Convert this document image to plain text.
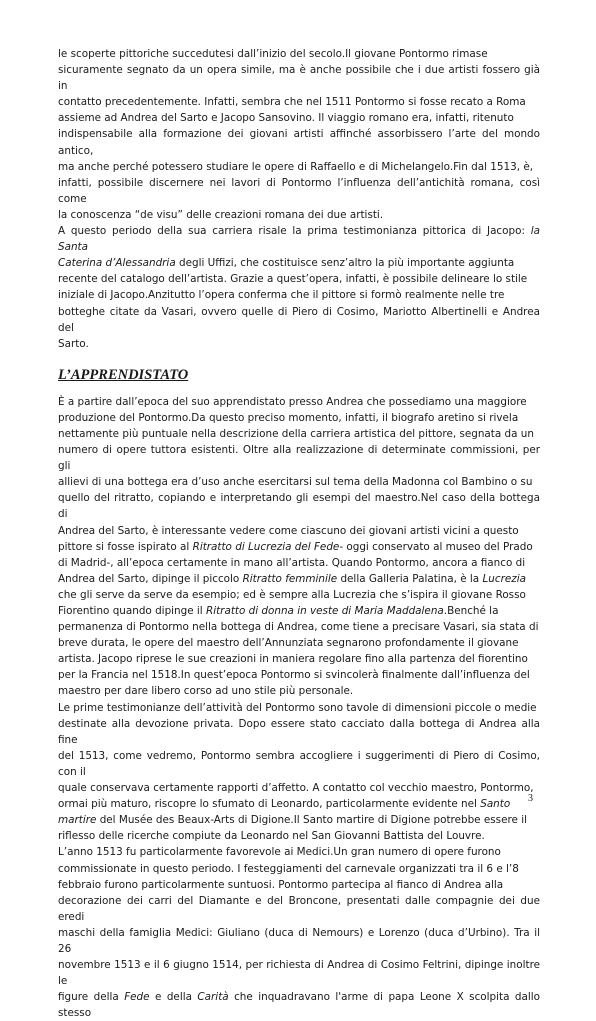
le scoperte pittoriche succedutesi dall’inizio del secolo.Il giovane Pontormo rimase
sicuramente segnato da un opera simile, ma è anche possibile che i due artisti fossero già in
contatto precedentemente. Infatti, sembra che nel 1511 Pontormo si fosse recato a Roma
assieme ad Andrea del Sarto e Jacopo Sansovino. Il viaggio romano era, infatti, ritenuto
indispensabile alla formazione dei giovani artisti affinché assorbissero l’arte del mondo antico,
ma anche perché potessero studiare le opere di Raffaello e di Michelangelo.Fin dal 1513, è,
infatti, possibile discernere nei lavori di Pontormo l’influenza dell’antichità romana, così come
la conoscenza “de visu” delle creazioni romana dei due artisti.

A questo periodo della sua carriera risale la prima testimonianza pittorica di Jacopo: la Santa
Caterina d’Alessandria degli Uffizi, che costituisce senz’altro la più importante aggiunta
recente del catalogo dell’artista. Grazie a quest’opera, infatti, è possibile delineare lo stile
iniziale di Jacopo.Anzitutto l’opera conferma che il pittore si formò realmente nelle tre
botteghe citate da Vasari, ovvero quelle di Piero di Cosimo, Mariotto Albertinelli e Andrea del
Sarto.

L’APPRENDISTATO

È a partire dall’epoca del suo apprendistato presso Andrea che possediamo una maggiore
produzione del Pontormo.Da questo preciso momento, infatti, il biografo aretino si rivela
nettamente più puntuale nella descrizione della carriera artistica del pittore, segnata da un
numero di opere tuttora esistenti. Oltre alla realizzazione di determinate commissioni, per gli
allievi di una bottega era d’uso anche esercitarsi sul tema della Madonna col Bambino o su
quello del ritratto, copiando e interpretando gli esempi del maestro.Nel caso della bottega di
Andrea del Sarto, è interessante vedere come ciascuno dei giovani artisti vicini a questo
pittore si fosse ispirato al Ritratto di Lucrezia del Fede- oggi conservato al museo del Prado
di Madrid-, all’epoca certamente in mano all’artista. Quando Pontormo, ancora a fianco di
Andrea del Sarto, dipinge il piccolo Ritratto femminile della Galleria Palatina, è la Lucrezia
che gli serve da serve da esempio; ed è sempre alla Lucrezia che s’ispira il giovane Rosso
Fiorentino quando dipinge il Ritratto di donna in veste di Maria Maddalena.Benché la
permanenza di Pontormo nella bottega di Andrea, come tiene a precisare Vasari, sia stata di
breve durata, le opere del maestro dell’Annunziata segnarono profondamente il giovane
artista. Jacopo riprese le sue creazioni in maniera regolare fino alla partenza del fiorentino
per la Francia nel 1518.In quest’epoca Pontormo si svincolerà finalmente dall’influenza del
maestro per dare libero corso ad uno stile più personale.

Le prime testimonianze dell’attività del Pontormo sono tavole di dimensioni piccole o medie
destinate alla devozione privata. Dopo essere stato cacciato dalla bottega di Andrea alla fine
del 1513, come vedremo, Pontormo sembra accogliere i suggerimenti di Piero di Cosimo, con il
quale conservava certamente rapporti d’affetto. A contatto col vecchio maestro, Pontormo,
ormai più maturo, riscopre lo sfumato di Leonardo, particolarmente evidente nel Santo
martire del Musée des Beaux-Arts di Digione.Il Santo martire di Digione potrebbe essere il
riflesso delle ricerche compiute da Leonardo nel San Giovanni Battista del Louvre.

L’anno 1513 fu particolarmente favorevole ai Medici.Un gran numero di opere furono
commissionate in questo periodo. I festeggiamenti del carnevale organizzati tra il 6 e l’8
febbraio furono particolarmente suntuosi. Pontormo partecipa al fianco di Andrea alla
decorazione dei carri del Diamante e del Broncone, presentati dalle compagnie dei due eredi
maschi della famiglia Medici: Giuliano (duca di Nemours) e Lorenzo (duca d’Urbino). Tra il 26
novembre 1513 e il 6 giugno 1514, per richiesta di Andrea di Cosimo Feltrini, dipinge inoltre le
figure della Fede e della Carità che inquadravano l'arme di papa Leone X scolpita dallo stesso

3
